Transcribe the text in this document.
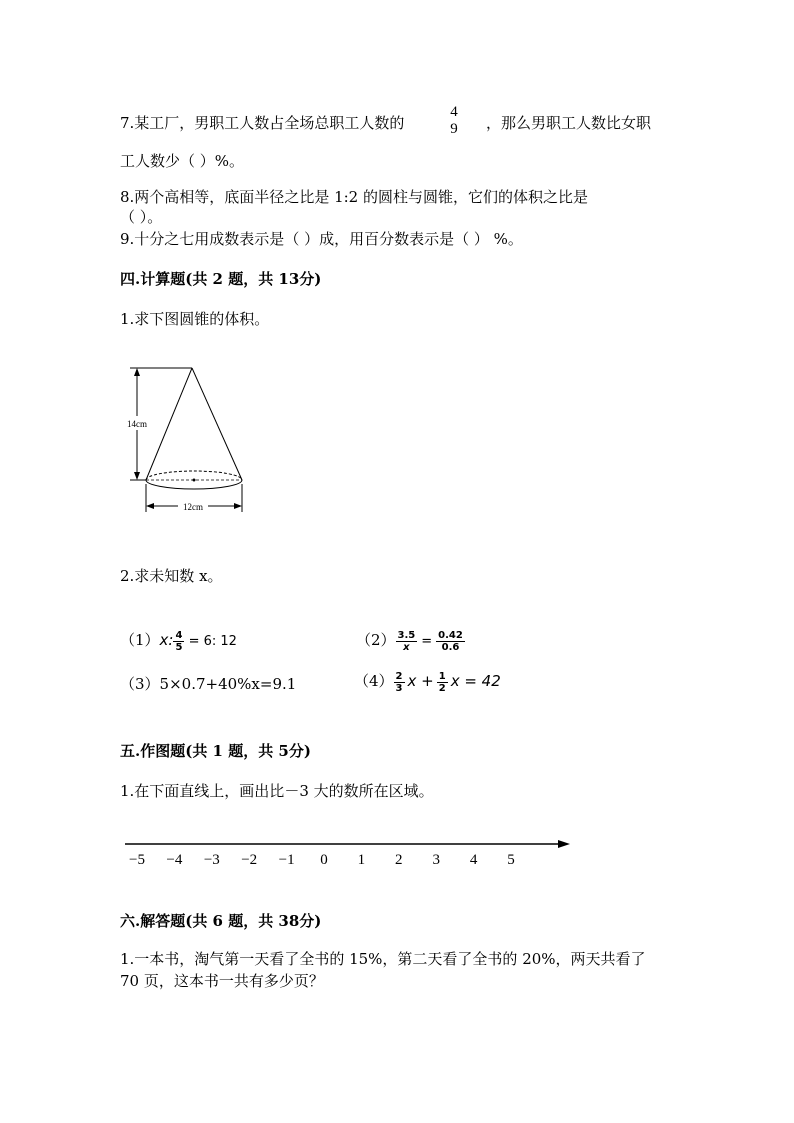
7.某工厂，男职工人数占全场总职工人数的
4
9 ，那么男职工人数比女职
工人数少（ ）%。
8.两个高相等，底面半径之比是 1:2 的圆柱与圆锥，它们的体积之比是
（ ）。
9.十分之七用成数表示是（ ）成，用百分数表示是（ ） %。
四.计算题(共 2 题，共 13分)
1.求下图圆锥的体积。
14cm
12cm
2.求未知数 x。
（1）x: $\frac{4}{5} = 6$: 12	$(2) \frac{3.5}{x} = \frac{0.42}{0.6}$
（3）5×0.7+40%x=9.1	$(4) \frac{2}{3}$ $x + \frac{1}{2}$ x = 42
五.作图题(共 1 题，共 5分)
1.在下面直线上，画出比－3 大的数所在区域。
−5 −4 −3 −2 −1 0 1 2 3 4 5
六.解答题(共 6 题，共 38分)
1.一本书，淘气第一天看了全书的 15%，第二天看了全书的 20%，两天共看了
70 页，这本书一共有多少页？
